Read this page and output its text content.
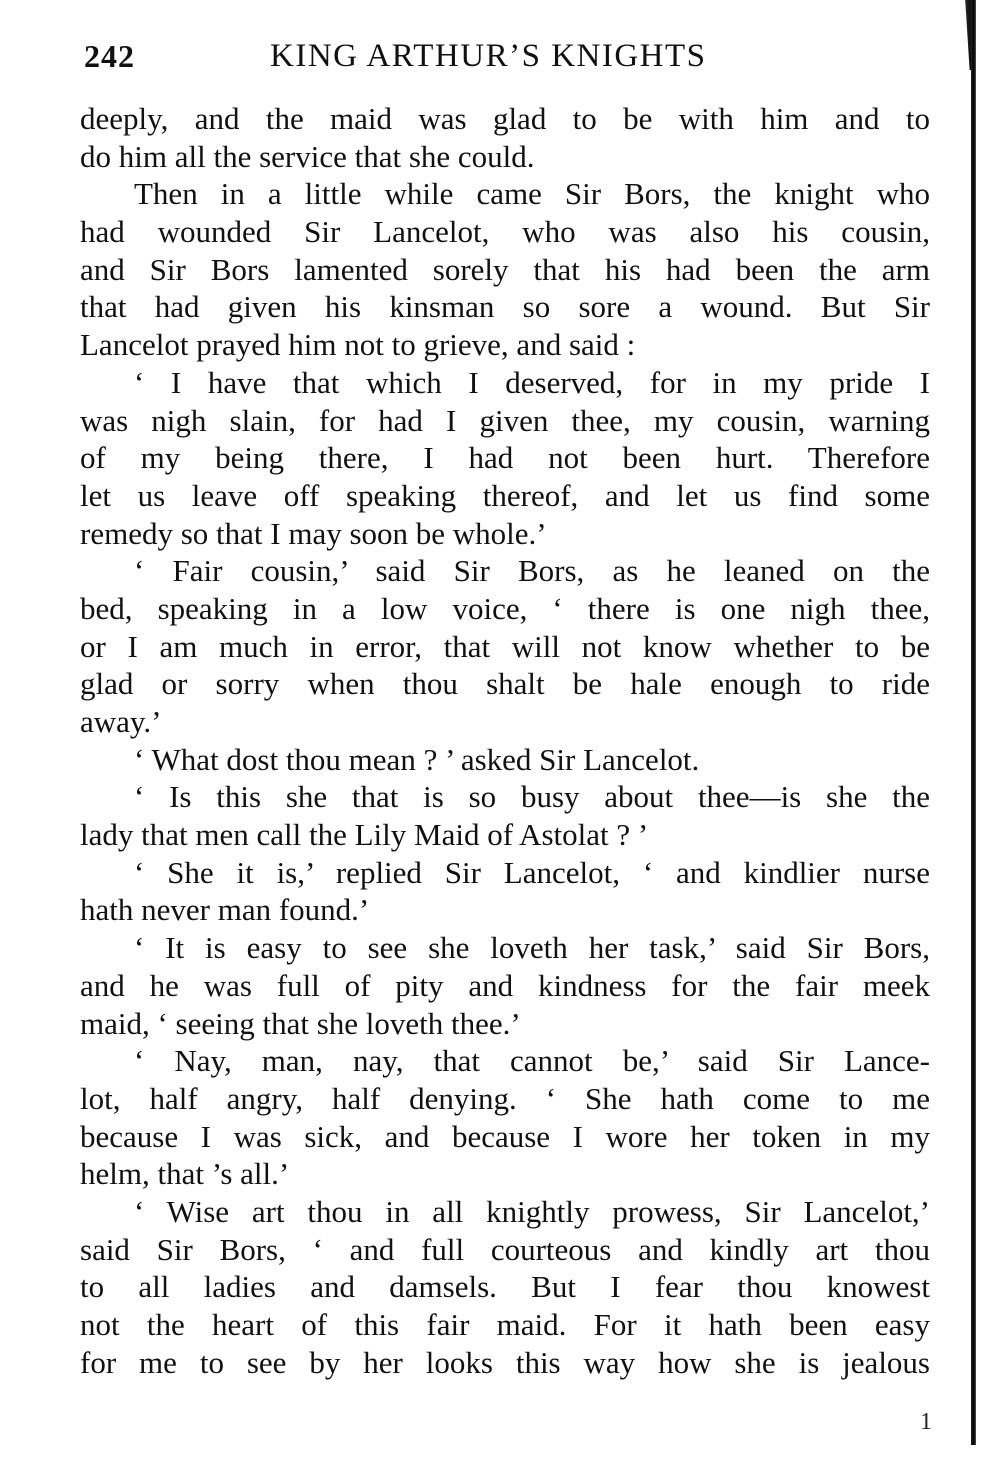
242	KING ARTHUR’S KNIGHTS
deeply, and the maid was glad to be with him and to
do him all the service that she could.
Then in a little while came Sir Bors, the knight who
had wounded Sir Lancelot, who was also his cousin,
and Sir Bors lamented sorely that his had been the arm
that had given his kinsman so sore a wound. But Sir
Lancelot prayed him not to grieve, and said :
‘ I have that which I deserved, for in my pride I
was nigh slain, for had I given thee, my cousin, warning
of my being there, I had not been hurt. Therefore
let us leave off speaking thereof, and let us find some
remedy so that I may soon be whole.’
‘ Fair cousin,’ said Sir Bors, as he leaned on the
bed, speaking in a low voice, ‘ there is one nigh thee,
or I am much in error, that will not know whether to be
glad or sorry when thou shalt be hale enough to ride
away.’
‘ What dost thou mean ? ’ asked Sir Lancelot.
‘ Is this she that is so busy about thee—is she the
lady that men call the Lily Maid of Astolat ? ’
‘ She it is,’ replied Sir Lancelot, ‘ and kindlier nurse
hath never man found.’
‘ It is easy to see she loveth her task,’ said Sir Bors,
and he was full of pity and kindness for the fair meek
maid, ‘ seeing that she loveth thee.’
‘ Nay, man, nay, that cannot be,’ said Sir Lance-
lot, half angry, half denying. ‘ She hath come to me
because I was sick, and because I wore her token in my
helm, that ’s all.’
‘ Wise art thou in all knightly prowess, Sir Lancelot,’
said Sir Bors, ‘ and full courteous and kindly art thou
to all ladies and damsels. But I fear thou knowest
not the heart of this fair maid. For it hath been easy
for me to see by her looks this way how she is jealous
1
